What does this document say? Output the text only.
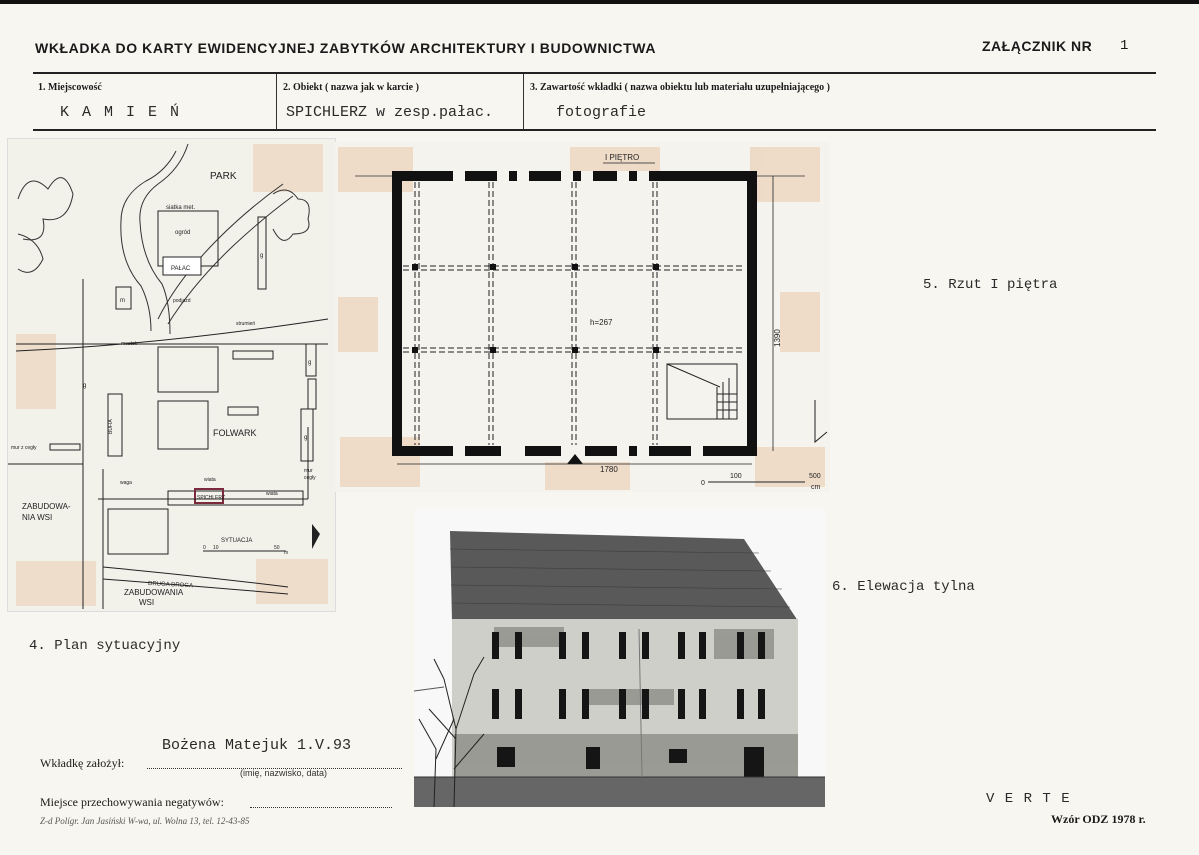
WKŁADKA DO KARTY EWIDENCYJNEJ ZABYTKÓW ARCHITEKTURY I BUDOWNICTWA	ZAŁĄCZNIK NR 1
1. Miejscowość
K A M I E Ń
2. Obiekt ( nazwa jak w karcie )
SPICHLERZ w zesp.pałac.
3. Zawartość wkładki ( nazwa obiektu lub materiału uzupełniającego )
fotografie
PARK
siatka met.
ogród
PAŁAC
podjazd
strumień
mostek
BUFIA	FOLWARK
mur z cegły
ZABUDOWA-
NIA WSI
SPICHLERZ
waga	wiata
wiata
mur
cegły
SYTUACJA
0 10	50
m
DRUGA DROGA
ZABUDOWANIA
WSI
g
m
g
g
g
I PIĘTRO
h=267
1780
1390
0
100	500
cm
4. Plan sytuacyjny
5. Rzut I piętra
6. Elewacja tylna
Bożena Matejuk 1.V.93
Wkładkę założył:
(imię, nazwisko, data)
Miejsce przechowywania negatywów:
Z-d Polígr. Jan Jasiński W-wa, ul. Wolna 13, tel. 12-43-85
V E R T E
Wzór ODZ 1978 r.
